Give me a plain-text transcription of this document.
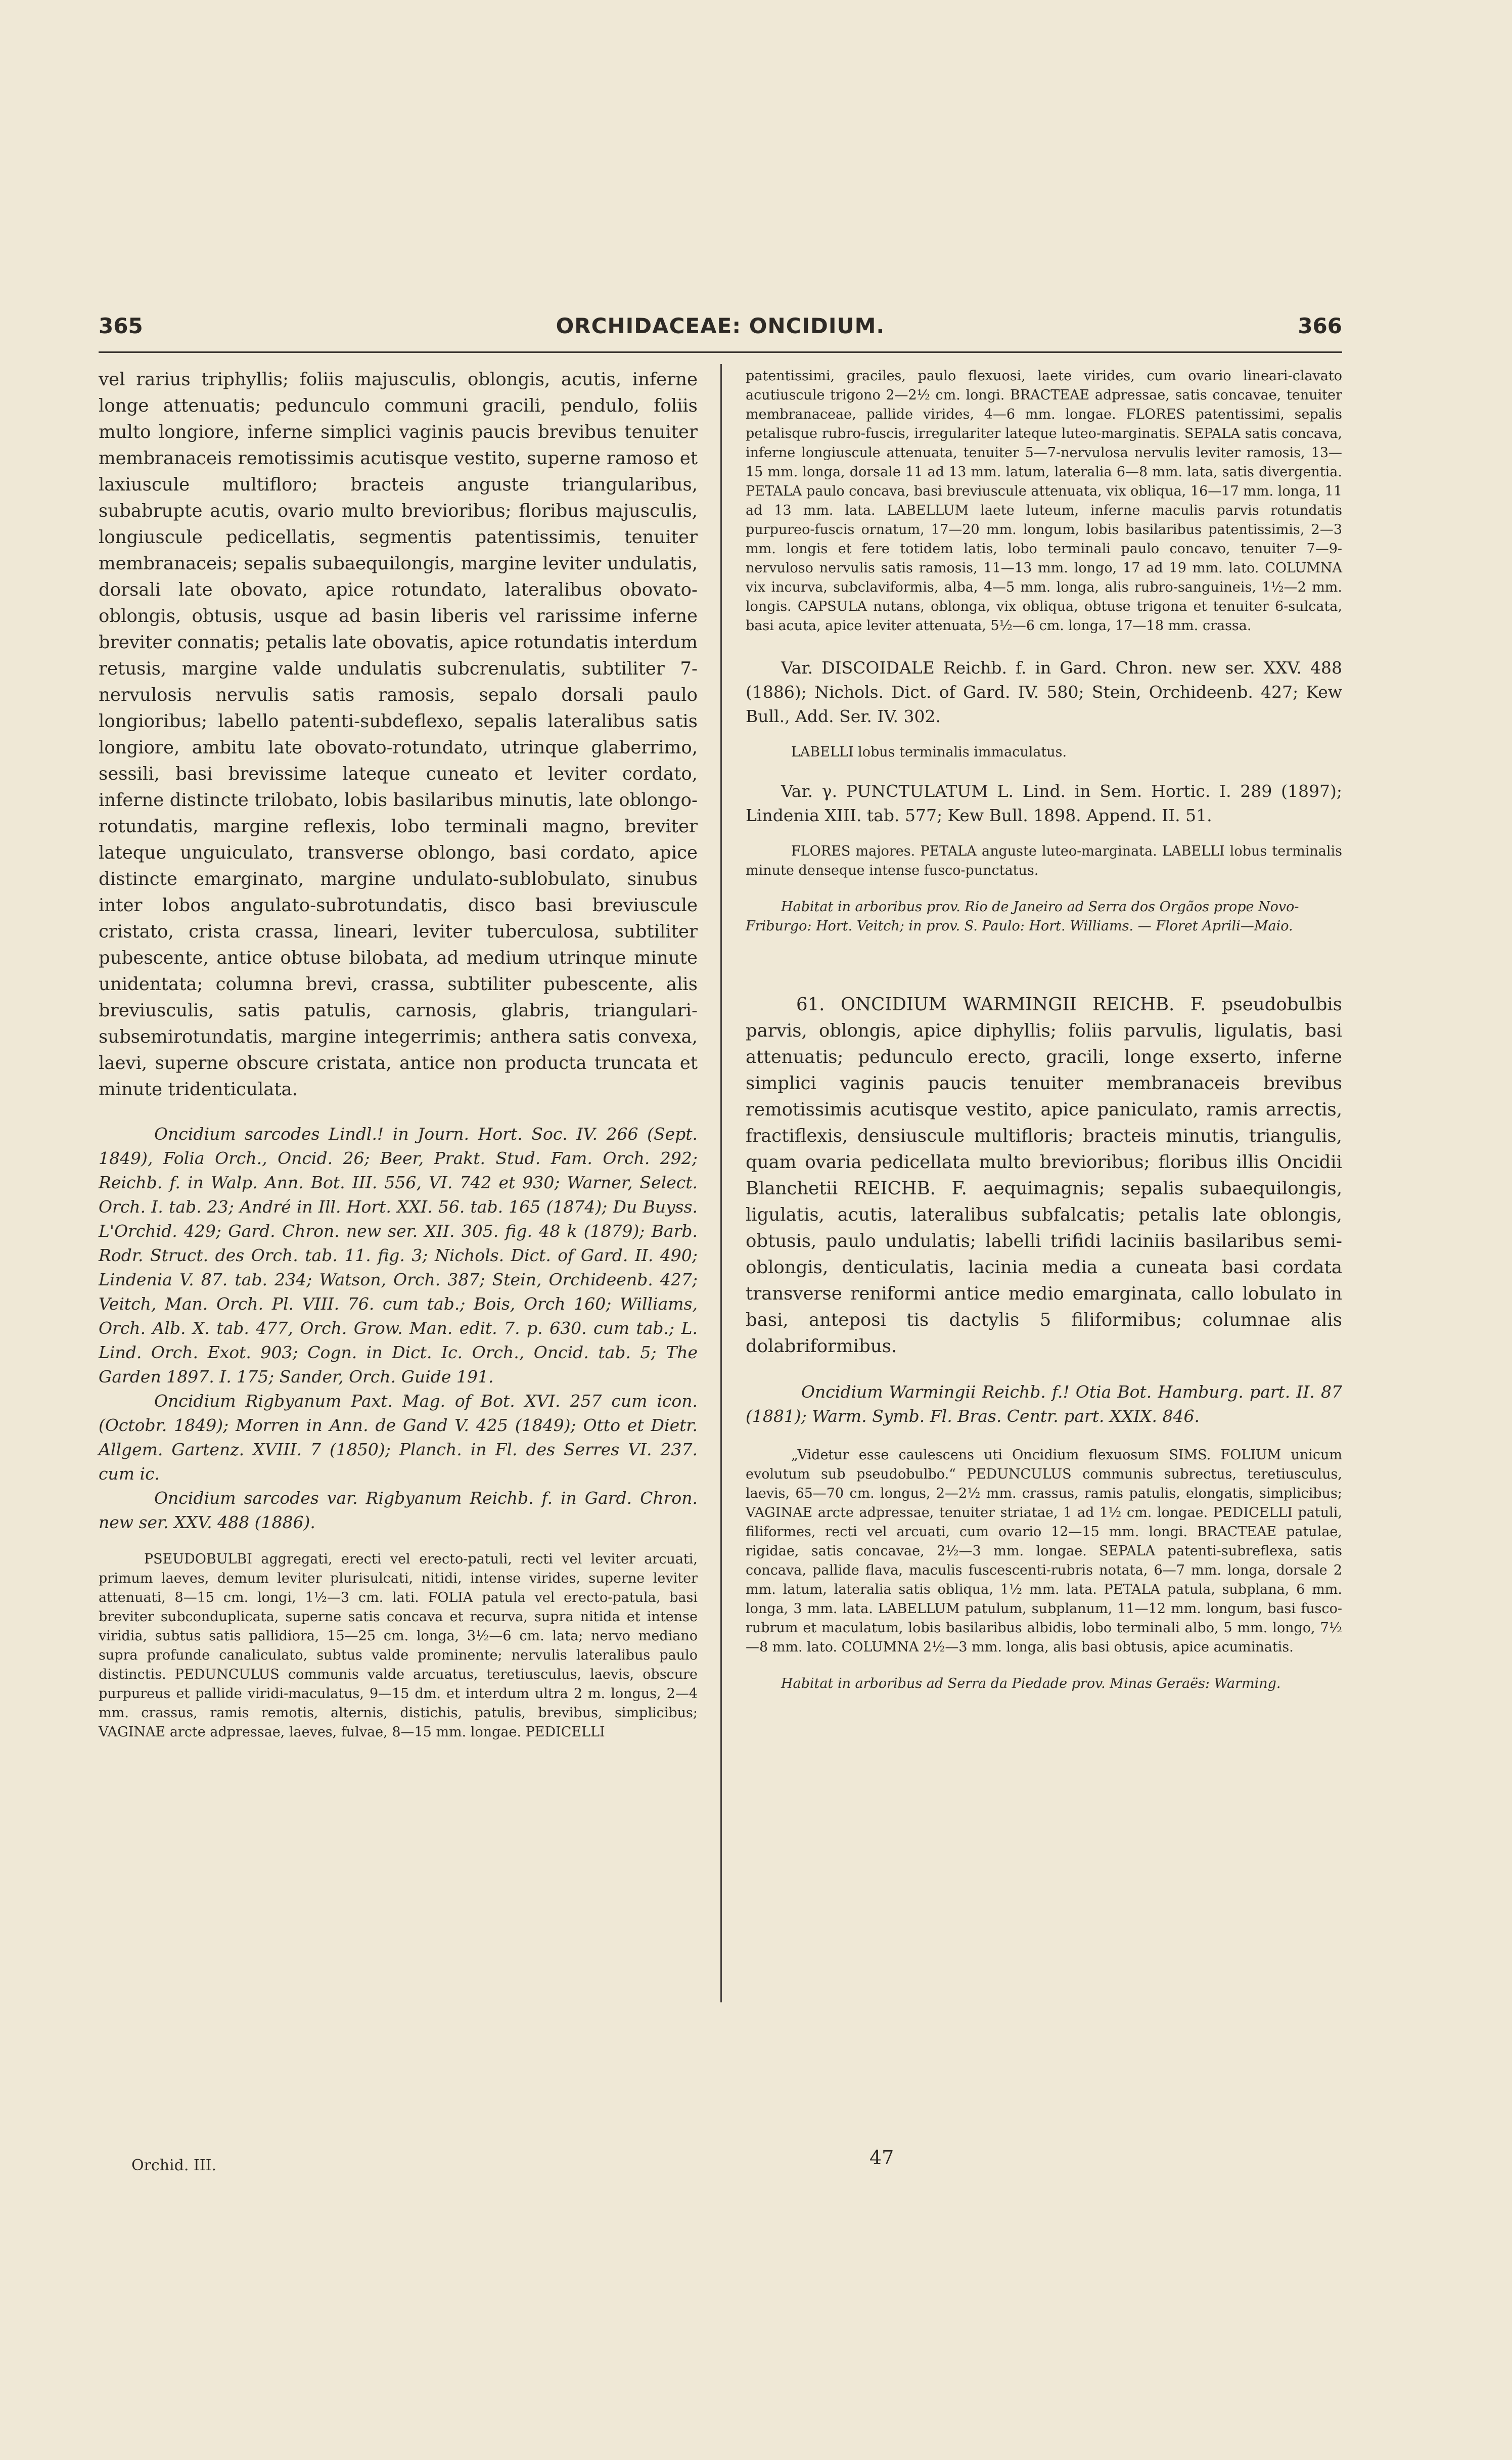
365	ORCHIDACEAE: ONCIDIUM.	366

vel rarius triphyllis; foliis majusculis, oblongis, acutis, inferne longe attenuatis; pedunculo communi gracili, pendulo, foliis multo longiore, inferne simplici vaginis paucis brevibus tenuiter membranaceis remotissimis acutisque vestito, superne ramoso et laxiuscule multifloro; bracteis anguste triangularibus, subabrupte acutis, ovario multo brevioribus; floribus majusculis, longiuscule pedicellatis, segmentis patentissimis, tenuiter membranaceis; sepalis subaequilongis, margine leviter undulatis, dorsali late obovato, apice rotundato, lateralibus obovato-oblongis, obtusis, usque ad basin liberis vel rarissime inferne breviter connatis; petalis late obovatis, apice rotundatis interdum retusis, margine valde undulatis subcrenulatis, subtiliter 7-nervulosis nervulis satis ramosis, sepalo dorsali paulo longioribus; labello patenti-subdeflexo, sepalis lateralibus satis longiore, ambitu late obovato-rotundato, utrinque glaberrimo, sessili, basi brevissime lateque cuneato et leviter cordato, inferne distincte trilobato, lobis basilaribus minutis, late oblongo-rotundatis, margine reflexis, lobo terminali magno, breviter lateque unguiculato, transverse oblongo, basi cordato, apice distincte emarginato, margine undulato-sublobulato, sinubus inter lobos angulato-subrotundatis, disco basi breviuscule cristato, crista crassa, lineari, leviter tuberculosa, subtiliter pubescente, antice obtuse bilobata, ad medium utrinque minute unidentata; columna brevi, crassa, subtiliter pubescente, alis breviusculis, satis patulis, carnosis, glabris, triangulari-subsemirotundatis, margine integerrimis; anthera satis convexa, laevi, superne obscure cristata, antice non producta truncata et minute tridenticulata.

Oncidium sarcodes Lindl.! in Journ. Hort. Soc. IV. 266 (Sept. 1849), Folia Orch., Oncid. 26; Beer, Prakt. Stud. Fam. Orch. 292; Reichb. f. in Walp. Ann. Bot. III. 556, VI. 742 et 930; Warner, Select. Orch. I. tab. 23; André in Ill. Hort. XXI. 56. tab. 165 (1874); Du Buyss. L'Orchid. 429; Gard. Chron. new ser. XII. 305. fig. 48 k (1879); Barb. Rodr. Struct. des Orch. tab. 11. fig. 3; Nichols. Dict. of Gard. II. 490; Lindenia V. 87. tab. 234; Watson, Orch. 387; Stein, Orchideenb. 427; Veitch, Man. Orch. Pl. VIII. 76. cum tab.; Bois, Orch 160; Williams, Orch. Alb. X. tab. 477, Orch. Grow. Man. edit. 7. p. 630. cum tab.; L. Lind. Orch. Exot. 903; Cogn. in Dict. Ic. Orch., Oncid. tab. 5; The Garden 1897. I. 175; Sander, Orch. Guide 191.

Oncidium Rigbyanum Paxt. Mag. of Bot. XVI. 257 cum icon. (Octobr. 1849); Morren in Ann. de Gand V. 425 (1849); Otto et Dietr. Allgem. Gartenz. XVIII. 7 (1850); Planch. in Fl. des Serres VI. 237. cum ic.

Oncidium sarcodes var. Rigbyanum Reichb. f. in Gard. Chron. new ser. XXV. 488 (1886).

PSEUDOBULBI aggregati, erecti vel erecto-patuli, recti vel leviter arcuati, primum laeves, demum leviter plurisulcati, nitidi, intense virides, superne leviter attenuati, 8—15 cm. longi, 1½—3 cm. lati. FOLIA patula vel erecto-patula, basi breviter subconduplicata, superne satis concava et recurva, supra nitida et intense viridia, subtus satis pallidiora, 15—25 cm. longa, 3½—6 cm. lata; nervo mediano supra profunde canaliculato, subtus valde prominente; nervulis lateralibus paulo distinctis. PEDUNCULUS communis valde arcuatus, teretiusculus, laevis, obscure purpureus et pallide viridi-maculatus, 9—15 dm. et interdum ultra 2 m. longus, 2—4 mm. crassus, ramis remotis, alternis, distichis, patulis, brevibus, simplicibus; VAGINAE arcte adpressae, laeves, fulvae, 8—15 mm. longae. PEDICELLI

patentissimi, graciles, paulo flexuosi, laete virides, cum ovario lineari-clavato acutiuscule trigono 2—2½ cm. longi. BRACTEAE adpressae, satis concavae, tenuiter membranaceae, pallide virides, 4—6 mm. longae. FLORES patentissimi, sepalis petalisque rubro-fuscis, irregulariter lateque luteo-marginatis. SEPALA satis concava, inferne longiuscule attenuata, tenuiter 5—7-nervulosa nervulis leviter ramosis, 13—15 mm. longa, dorsale 11 ad 13 mm. latum, lateralia 6—8 mm. lata, satis divergentia. PETALA paulo concava, basi breviuscule attenuata, vix obliqua, 16—17 mm. longa, 11 ad 13 mm. lata. LABELLUM laete luteum, inferne maculis parvis rotundatis purpureo-fuscis ornatum, 17—20 mm. longum, lobis basilaribus patentissimis, 2—3 mm. longis et fere totidem latis, lobo terminali paulo concavo, tenuiter 7—9-nervuloso nervulis satis ramosis, 11—13 mm. longo, 17 ad 19 mm. lato. COLUMNA vix incurva, subclaviformis, alba, 4—5 mm. longa, alis rubro-sanguineis, 1½—2 mm. longis. CAPSULA nutans, oblonga, vix obliqua, obtuse trigona et tenuiter 6-sulcata, basi acuta, apice leviter attenuata, 5½—6 cm. longa, 17—18 mm. crassa.

Var. DISCOIDALE Reichb. f. in Gard. Chron. new ser. XXV. 488 (1886); Nichols. Dict. of Gard. IV. 580; Stein, Orchideenb. 427; Kew Bull., Add. Ser. IV. 302.

LABELLI lobus terminalis immaculatus.

Var. γ. PUNCTULATUM L. Lind. in Sem. Hortic. I. 289 (1897); Lindenia XIII. tab. 577; Kew Bull. 1898. Append. II. 51.

FLORES majores. PETALA anguste luteo-marginata. LABELLI lobus terminalis minute denseque intense fusco-punctatus.

Habitat in arboribus prov. Rio de Janeiro ad Serra dos Orgãos prope Novo-Friburgo: Hort. Veitch; in prov. S. Paulo: Hort. Williams. — Floret Aprili—Maio.

61. ONCIDIUM WARMINGII REICHB. F. pseudobulbis parvis, oblongis, apice diphyllis; foliis parvulis, ligulatis, basi attenuatis; pedunculo erecto, gracili, longe exserto, inferne simplici vaginis paucis tenuiter membranaceis brevibus remotissimis acutisque vestito, apice paniculato, ramis arrectis, fractiflexis, densiuscule multifloris; bracteis minutis, triangulis, quam ovaria pedicellata multo brevioribus; floribus illis Oncidii Blanchetii REICHB. F. aequimagnis; sepalis subaequilongis, ligulatis, acutis, lateralibus subfalcatis; petalis late oblongis, obtusis, paulo undulatis; labelli trifidi laciniis basilaribus semi-oblongis, denticulatis, lacinia media a cuneata basi cordata transverse reniformi antice medio emarginata, callo lobulato in basi, anteposi tis dactylis 5 filiformibus; columnae alis dolabriformibus.

Oncidium Warmingii Reichb. f.! Otia Bot. Hamburg. part. II. 87 (1881); Warm. Symb. Fl. Bras. Centr. part. XXIX. 846.

„Videtur esse caulescens uti Oncidium flexuosum SIMS. FOLIUM unicum evolutum sub pseudobulbo.“ PEDUNCULUS communis subrectus, teretiusculus, laevis, 65—70 cm. longus, 2—2½ mm. crassus, ramis patulis, elongatis, simplicibus; VAGINAE arcte adpressae, tenuiter striatae, 1 ad 1½ cm. longae. PEDICELLI patuli, filiformes, recti vel arcuati, cum ovario 12—15 mm. longi. BRACTEAE patulae, rigidae, satis concavae, 2½—3 mm. longae. SEPALA patenti-subreflexa, satis concava, pallide flava, maculis fuscescenti-rubris notata, 6—7 mm. longa, dorsale 2 mm. latum, lateralia satis obliqua, 1½ mm. lata. PETALA patula, subplana, 6 mm. longa, 3 mm. lata. LABELLUM patulum, subplanum, 11—12 mm. longum, basi fusco-rubrum et maculatum, lobis basilaribus albidis, lobo terminali albo, 5 mm. longo, 7½—8 mm. lato. COLUMNA 2½—3 mm. longa, alis basi obtusis, apice acuminatis.

Habitat in arboribus ad Serra da Piedade prov. Minas Geraës: Warming.

Orchid. III.	47
